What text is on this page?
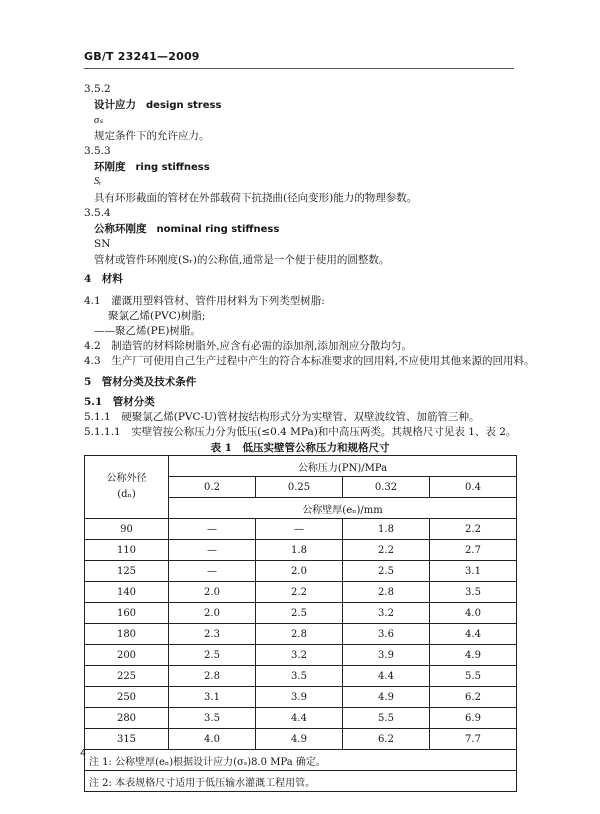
GB/T 23241—2009
3.5.2
设计应力 design stress
σₛ
规定条件下的允许应力。
3.5.3
环刚度 ring stiffness
Sᵣ
具有环形截面的管材在外部载荷下抗挠曲(径向变形)能力的物理参数。
3.5.4
公称环刚度 nominal ring stiffness
SN
管材或管件环刚度(Sᵣ)的公称值,通常是一个便于使用的圆整数。
4　材料
4.1　灌溉用塑料管材、管件用材料为下列类型树脂:
聚氯乙烯(PVC)树脂;
——聚乙烯(PE)树脂。
4.2　制造管的材料除树脂外,应含有必需的添加剂,添加剂应分散均匀。
4.3　生产厂可使用自己生产过程中产生的符合本标准要求的回用料,不应使用其他来源的回用料。
5　管材分类及技术条件
5.1　管材分类
5.1.1　硬聚氯乙烯(PVC-U)管材按结构形式分为实壁管、双壁波纹管、加筋管三种。
5.1.1.1　实壁管按公称压力分为低压(≤0.4 MPa)和中高压两类。其规格尺寸见表 1、表 2。
表 1　低压实壁管公称压力和规格尺寸
公称外径
(dₙ)	公称压力(PN)/MPa			
	0.2	0.25	0.32	0.4
	公称壁厚(eₙ)/mm			
90	—	—	1.8	2.2
110	—	1.8	2.2	2.7
125	—	2.0	2.5	3.1
140	2.0	2.2	2.8	3.5
160	2.0	2.5	3.2	4.0
180	2.3	2.8	3.6	4.4
200	2.5	3.2	3.9	4.9
225	2.8	3.5	4.4	5.5
250	3.1	3.9	4.9	6.2
280	3.5	4.4	5.5	6.9
315	4.0	4.9	6.2	7.7
注 1: 公称壁厚(eₙ)根据设计应力(σₛ)8.0 MPa 确定。				
注 2: 本表规格尺寸适用于低压输水灌溉工程用管。				
4
